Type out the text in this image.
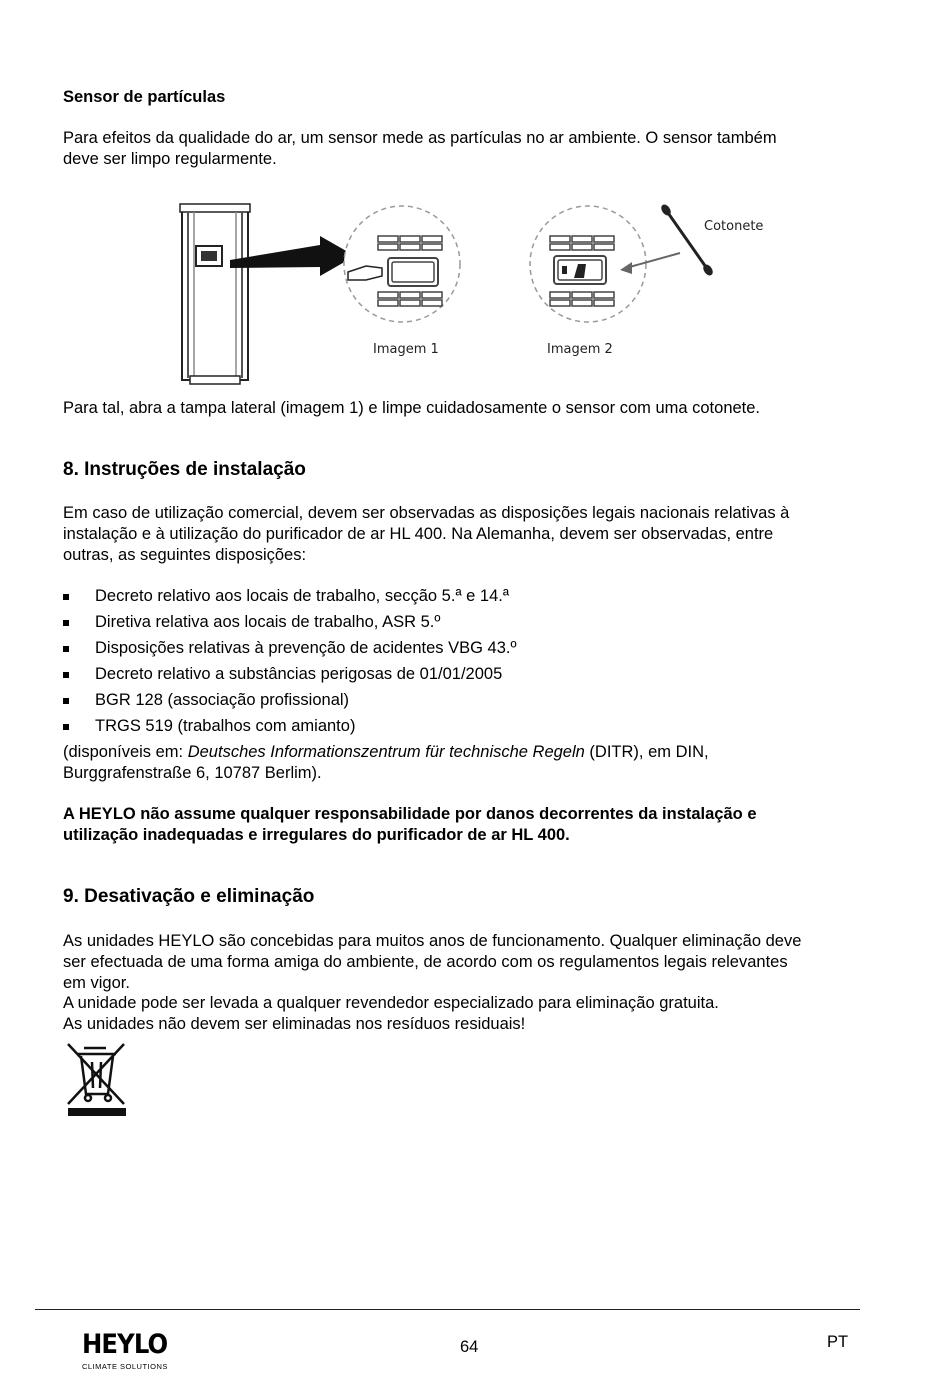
Sensor de partículas
Para efeitos da qualidade do ar, um sensor mede as partículas no ar ambiente. O sensor também
deve ser limpo regularmente.
Cotonete
Imagem 1	Imagem 2
Para tal, abra a tampa lateral (imagem 1) e limpe cuidadosamente o sensor com uma cotonete.
8. Instruções de instalação
Em caso de utilização comercial, devem ser observadas as disposições legais nacionais relativas à
instalação e à utilização do purificador de ar HL 400. Na Alemanha, devem ser observadas, entre
outras, as seguintes disposições:
Decreto relativo aos locais de trabalho, secção 5.ª e 14.ª
Diretiva relativa aos locais de trabalho, ASR 5.º
Disposições relativas à prevenção de acidentes VBG 43.º
Decreto relativo a substâncias perigosas de 01/01/2005
BGR 128 (associação profissional)
TRGS 519 (trabalhos com amianto)
(disponíveis em: Deutsches Informationszentrum für technische Regeln (DITR), em DIN,
Burggrafenstraße 6, 10787 Berlim).
A HEYLO não assume qualquer responsabilidade por danos decorrentes da instalação e
utilização inadequadas e irregulares do purificador de ar HL 400.
9. Desativação e eliminação
As unidades HEYLO são concebidas para muitos anos de funcionamento. Qualquer eliminação deve
ser efectuada de uma forma amiga do ambiente, de acordo com os regulamentos legais relevantes
em vigor.
A unidade pode ser levada a qualquer revendedor especializado para eliminação gratuita.
As unidades não devem ser eliminadas nos resíduos residuais!
HEYLO
CLIMATE SOLUTIONS
64	PT
